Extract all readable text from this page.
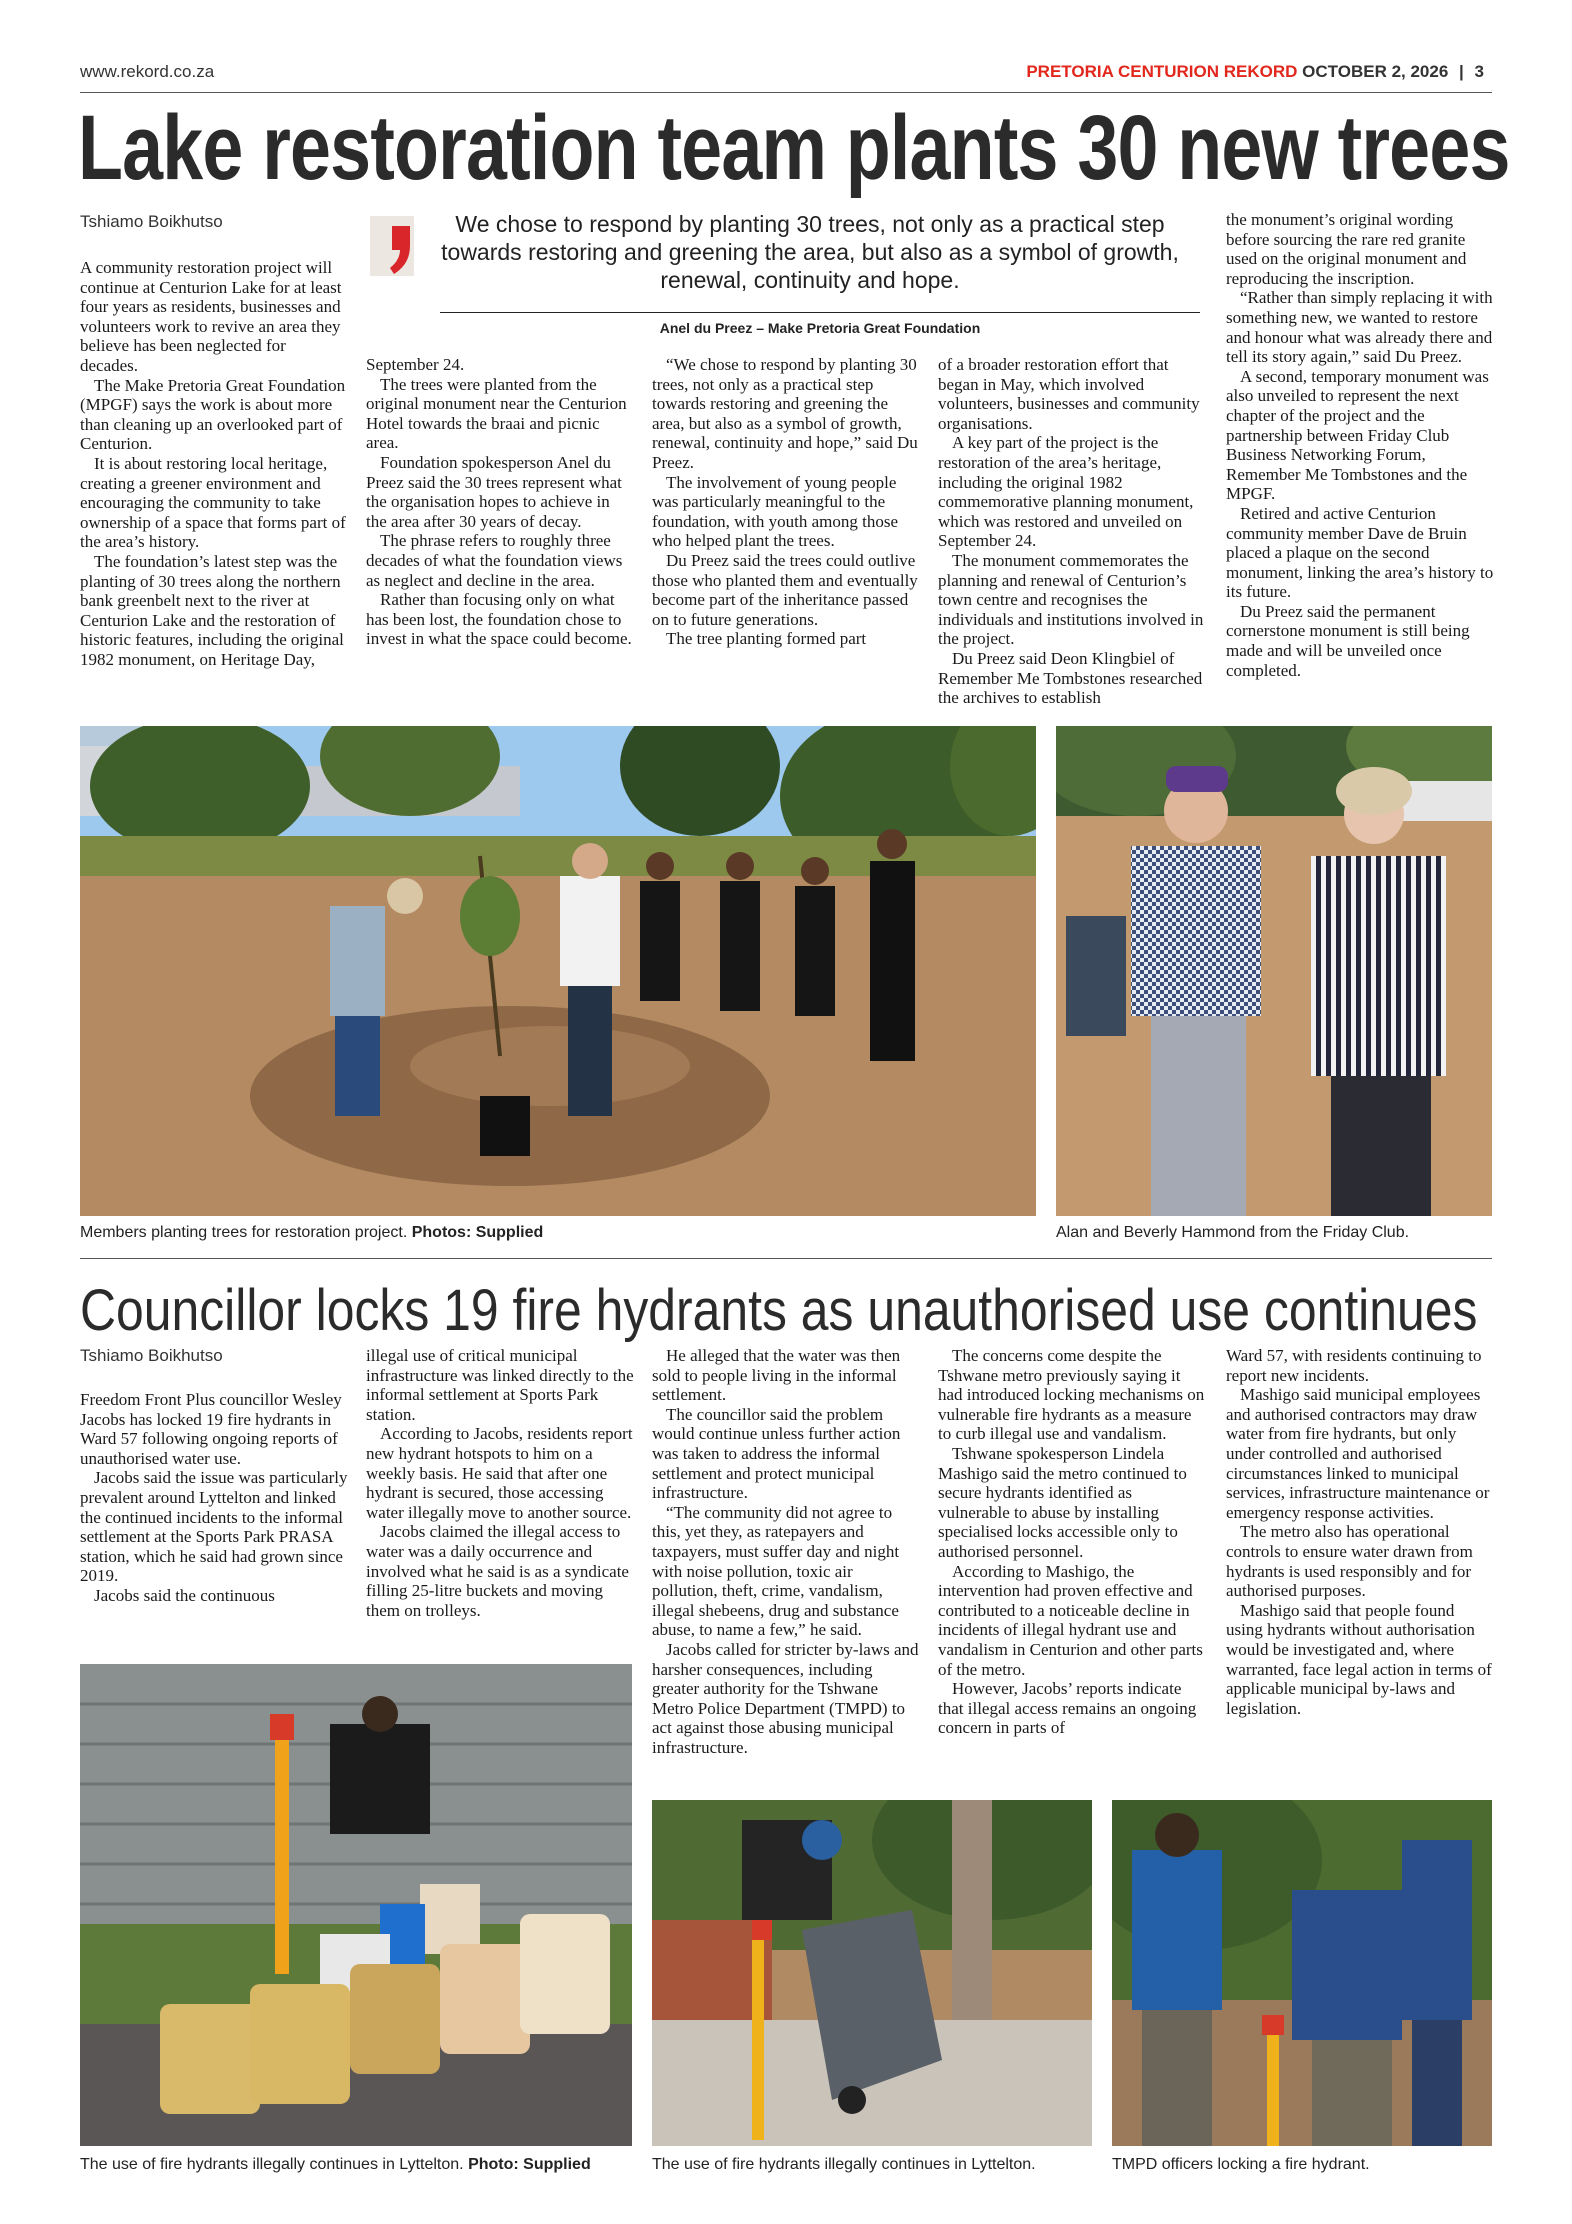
www.rekord.co.za	PRETORIA CENTURION REKORD OCTOBER 2, 2026 | 3
Lake restoration team plants 30 new trees
Tshiamo Boikhutso	We chose to respond by planting 30 trees, not only as a practical step towards restoring and greening the area, but also as a symbol of growth, renewal, continuity and hope.
Anel du Preez – Make Pretoria Great Foundation

A community restoration project will continue at Centurion Lake for at least four years as residents, businesses and volunteers work to revive an area they believe has been neglected for decades.

The Make Pretoria Great Foundation (MPGF) says the work is about more than cleaning up an overlooked part of Centurion.

It is about restoring local heritage, creating a greener environment and encouraging the community to take ownership of a space that forms part of the area’s history.

The foundation’s latest step was the planting of 30 trees along the northern bank greenbelt next to the river at Centurion Lake and the restoration of historic features, including the original 1982 monument, on Heritage Day,

September 24.

The trees were planted from the original monument near the Centurion Hotel towards the braai and picnic area.

Foundation spokesperson Anel du Preez said the 30 trees represent what the organisation hopes to achieve in the area after 30 years of decay.

The phrase refers to roughly three decades of what the foundation views as neglect and decline in the area.

Rather than focusing only on what has been lost, the foundation chose to invest in what the space could become.

“We chose to respond by planting 30 trees, not only as a practical step towards restoring and greening the area, but also as a symbol of growth, renewal, continuity and hope,” said Du Preez.

The involvement of young people was particularly meaningful to the foundation, with youth among those who helped plant the trees.

Du Preez said the trees could outlive those who planted them and eventually become part of the inheritance passed on to future generations.

The tree planting formed part

of a broader restoration effort that began in May, which involved volunteers, businesses and community organisations.

A key part of the project is the restoration of the area’s heritage, including the original 1982 commemorative planning monument, which was restored and unveiled on September 24.

The monument commemorates the planning and renewal of Centurion’s town centre and recognises the individuals and institutions involved in the project.

Du Preez said Deon Klingbiel of Remember Me Tombstones researched the archives to establish

the monument’s original wording before sourcing the rare red granite used on the original monument and reproducing the inscription.

“Rather than simply replacing it with something new, we wanted to restore and honour what was already there and tell its story again,” said Du Preez.

A second, temporary monument was also unveiled to represent the next chapter of the project and the partnership between Friday Club Business Networking Forum, Remember Me Tombstones and the MPGF.

Retired and active Centurion community member Dave de Bruin placed a plaque on the second monument, linking the area’s history to its future.

Du Preez said the permanent cornerstone monument is still being made and will be unveiled once completed.

Members planting trees for restoration project. Photos: Supplied	Alan and Beverly Hammond from the Friday Club.
Councillor locks 19 fire hydrants as unauthorised use continues
Tshiamo Boikhutso

Freedom Front Plus councillor Wesley Jacobs has locked 19 fire hydrants in Ward 57 following ongoing reports of unauthorised water use.

Jacobs said the issue was particularly prevalent around Lyttelton and linked the continued incidents to the informal settlement at the Sports Park PRASA station, which he said had grown since 2019.

Jacobs said the continuous

illegal use of critical municipal infrastructure was linked directly to the informal settlement at Sports Park station.

According to Jacobs, residents report new hydrant hotspots to him on a weekly basis. He said that after one hydrant is secured, those accessing water illegally move to another source.

Jacobs claimed the illegal access to water was a daily occurrence and involved what he said is as a syndicate filling 25-litre buckets and moving them on trolleys.

He alleged that the water was then sold to people living in the informal settlement.

The councillor said the problem would continue unless further action was taken to address the informal settlement and protect municipal infrastructure.

“The community did not agree to this, yet they, as ratepayers and taxpayers, must suffer day and night with noise pollution, toxic air pollution, theft, crime, vandalism, illegal shebeens, drug and substance abuse, to name a few,” he said.

Jacobs called for stricter by-laws and harsher consequences, including greater authority for the Tshwane Metro Police Department (TMPD) to act against those abusing municipal infrastructure.

The concerns come despite the Tshwane metro previously saying it had introduced locking mechanisms on vulnerable fire hydrants as a measure to curb illegal use and vandalism.

Tshwane spokesperson Lindela Mashigo said the metro continued to secure hydrants identified as vulnerable to abuse by installing specialised locks accessible only to authorised personnel.

According to Mashigo, the intervention had proven effective and contributed to a noticeable decline in incidents of illegal hydrant use and vandalism in Centurion and other parts of the metro.

However, Jacobs’ reports indicate that illegal access remains an ongoing concern in parts of

Ward 57, with residents continuing to report new incidents.

Mashigo said municipal employees and authorised contractors may draw water from fire hydrants, but only under controlled and authorised circumstances linked to municipal services, infrastructure maintenance or emergency response activities.

The metro also has operational controls to ensure water drawn from hydrants is used responsibly and for authorised purposes.

Mashigo said that people found using hydrants without authorisation would be investigated and, where warranted, face legal action in terms of applicable municipal by-laws and legislation.

The use of fire hydrants illegally continues in Lyttelton. Photo: Supplied	The use of fire hydrants illegally continues in Lyttelton.	TMPD officers locking a fire hydrant.
